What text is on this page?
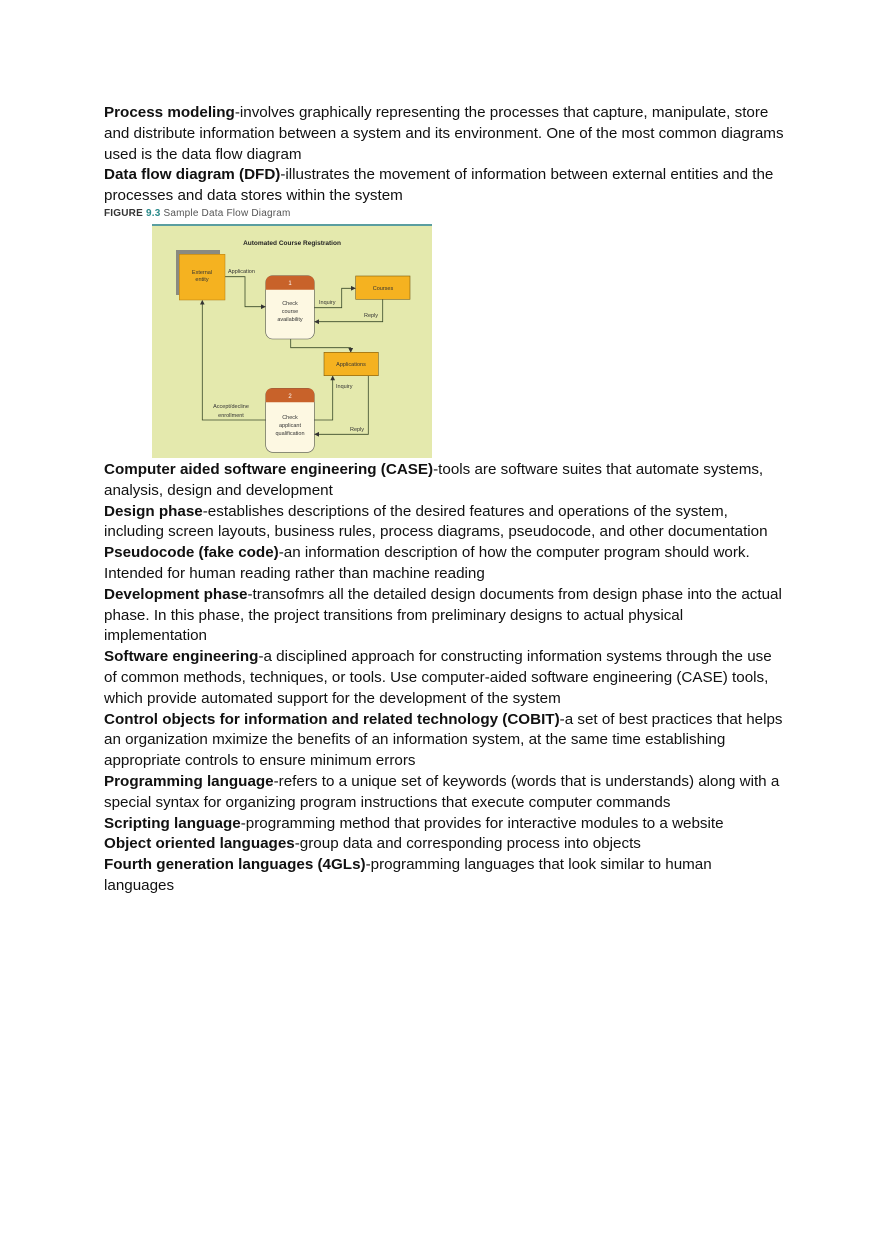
Process modeling-involves graphically representing the processes that capture, manipulate, store and distribute information between a system and its environment. One of the most common diagrams used is the data flow diagram

Data flow diagram (DFD)-illustrates the movement of information between external entities and the processes and data stores within the system

FIGURE 9.3 Sample Data Flow Diagram
Automated Course Registration
Application
Inquiry
Reply
Inquiry
Reply
Accept/decline
enrollment
External
entity
1
Check
course
availability
2
Check
applicant
qualification
Courses
Applications

Computer aided software engineering (CASE)-tools are software suites that automate systems, analysis, design and development

Design phase-establishes descriptions of the desired features and operations of the system, including screen layouts, business rules, process diagrams, pseudocode, and other documentation

Pseudocode (fake code)-an information description of how the computer program should work. Intended for human reading rather than machine reading

Development phase-transofmrs all the detailed design documents from design phase into the actual phase. In this phase, the project transitions from preliminary designs to actual physical implementation

Software engineering-a disciplined approach for constructing information systems through the use of common methods, techniques, or tools. Use computer-aided software engineering (CASE) tools, which provide automated support for the development of the system

Control objects for information and related technology (COBIT)-a set of best practices that helps an organization mximize the benefits of an information system, at the same time establishing appropriate controls to ensure minimum errors

Programming language-refers to a unique set of keywords (words that is understands) along with a special syntax for organizing program instructions that execute computer commands

Scripting language-programming method that provides for interactive modules to a website

Object oriented languages-group data and corresponding process into objects

Fourth generation languages (4GLs)-programming languages that look similar to human languages
